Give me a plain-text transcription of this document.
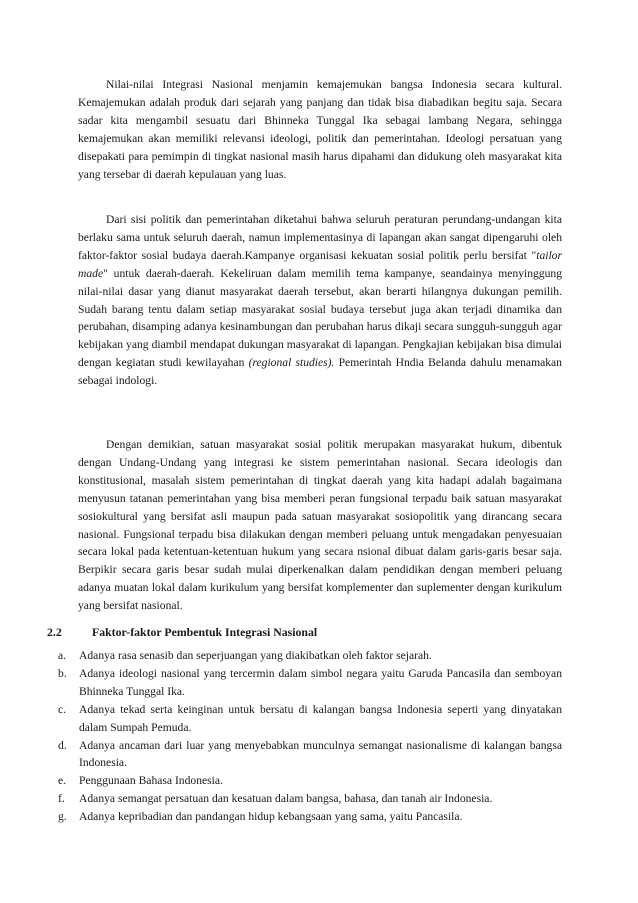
Nilai-nilai Integrasi Nasional menjamin kemajemukan bangsa Indonesia secara kultural. Kemajemukan adalah produk dari sejarah yang panjang dan tidak bisa diabadikan begitu saja. Secara sadar kita mengambil sesuatu dari Bhinneka Tunggal Ika sebagai lambang Negara, sehingga kemajemukan akan memiliki relevansi ideologi, politik dan pemerintahan. Ideologi persatuan yang disepakati para pemimpin di tingkat nasional masih harus dipahami dan didukung oleh masyarakat kita yang tersebar di daerah kepulauan yang luas.

Dari sisi politik dan pemerintahan diketahui bahwa seluruh peraturan perundang-undangan kita berlaku sama untuk seluruh daerah, namun implementasinya di lapangan akan sangat dipengaruhi oleh faktor-faktor sosial budaya daerah.Kampanye organisasi kekuatan sosial politik perlu bersifat "tailor made" untuk daerah-daerah. Kekeliruan dalam memilih tema kampanye, seandainya menyinggung nilai-nilai dasar yang dianut masyarakat daerah tersebut, akan berarti hilangnya dukungan pemilih. Sudah barang tentu dalam setiap masyarakat sosial budaya tersebut juga akan terjadi dinamika dan perubahan, disamping adanya kesinambungan dan perubahan harus dikaji secara sungguh-sungguh agar kebijakan yang diambil mendapat dukungan masyarakat di lapangan. Pengkajian kebijakan bisa dimulai dengan kegiatan studi kewilayahan (regional studies). Pemerintah Hndia Belanda dahulu menamakan sebagai indologi.

Dengan demikian, satuan masyarakat sosial politik merupakan masyarakat hukum, dibentuk dengan Undang-Undang yang integrasi ke sistem pemerintahan nasional. Secara ideologis dan konstitusional, masalah sistem pemerintahan di tingkat daerah yang kita hadapi adalah bagaimana menyusun tatanan pemerintahan yang bisa memberi peran fungsional terpadu baik satuan masyarakat sosiokultural yang bersifat asli maupun pada satuan masyarakat sosiopolitik yang dirancang secara nasional. Fungsional terpadu bisa dilakukan dengan memberi peluang untuk mengadakan penyesuaian secara lokal pada ketentuan-ketentuan hukum yang secara nsional dibuat dalam garis-garis besar saja. Berpikir secara garis besar sudah mulai diperkenalkan dalam pendidikan dengan memberi peluang adanya muatan lokal dalam kurikulum yang bersifat komplementer dan suplementer dengan kurikulum yang bersifat nasional.

2.2	Faktor-faktor Pembentuk Integrasi Nasional

a. Adanya rasa senasib dan seperjuangan yang diakibatkan oleh faktor sejarah.

b. Adanya ideologi nasional yang tercermin dalam simbol negara yaitu Garuda Pancasila dan semboyan Bhinneka Tunggal Ika.

c. Adanya tekad serta keinginan untuk bersatu di kalangan bangsa Indonesia seperti yang dinyatakan dalam Sumpah Pemuda.

d. Adanya ancaman dari luar yang menyebabkan munculnya semangat nasionalisme di kalangan bangsa Indonesia.

e. Penggunaan Bahasa Indonesia.

f. Adanya semangat persatuan dan kesatuan dalam bangsa, bahasa, dan tanah air Indonesia.

g. Adanya kepribadian dan pandangan hidup kebangsaan yang sama, yaitu Pancasila.
